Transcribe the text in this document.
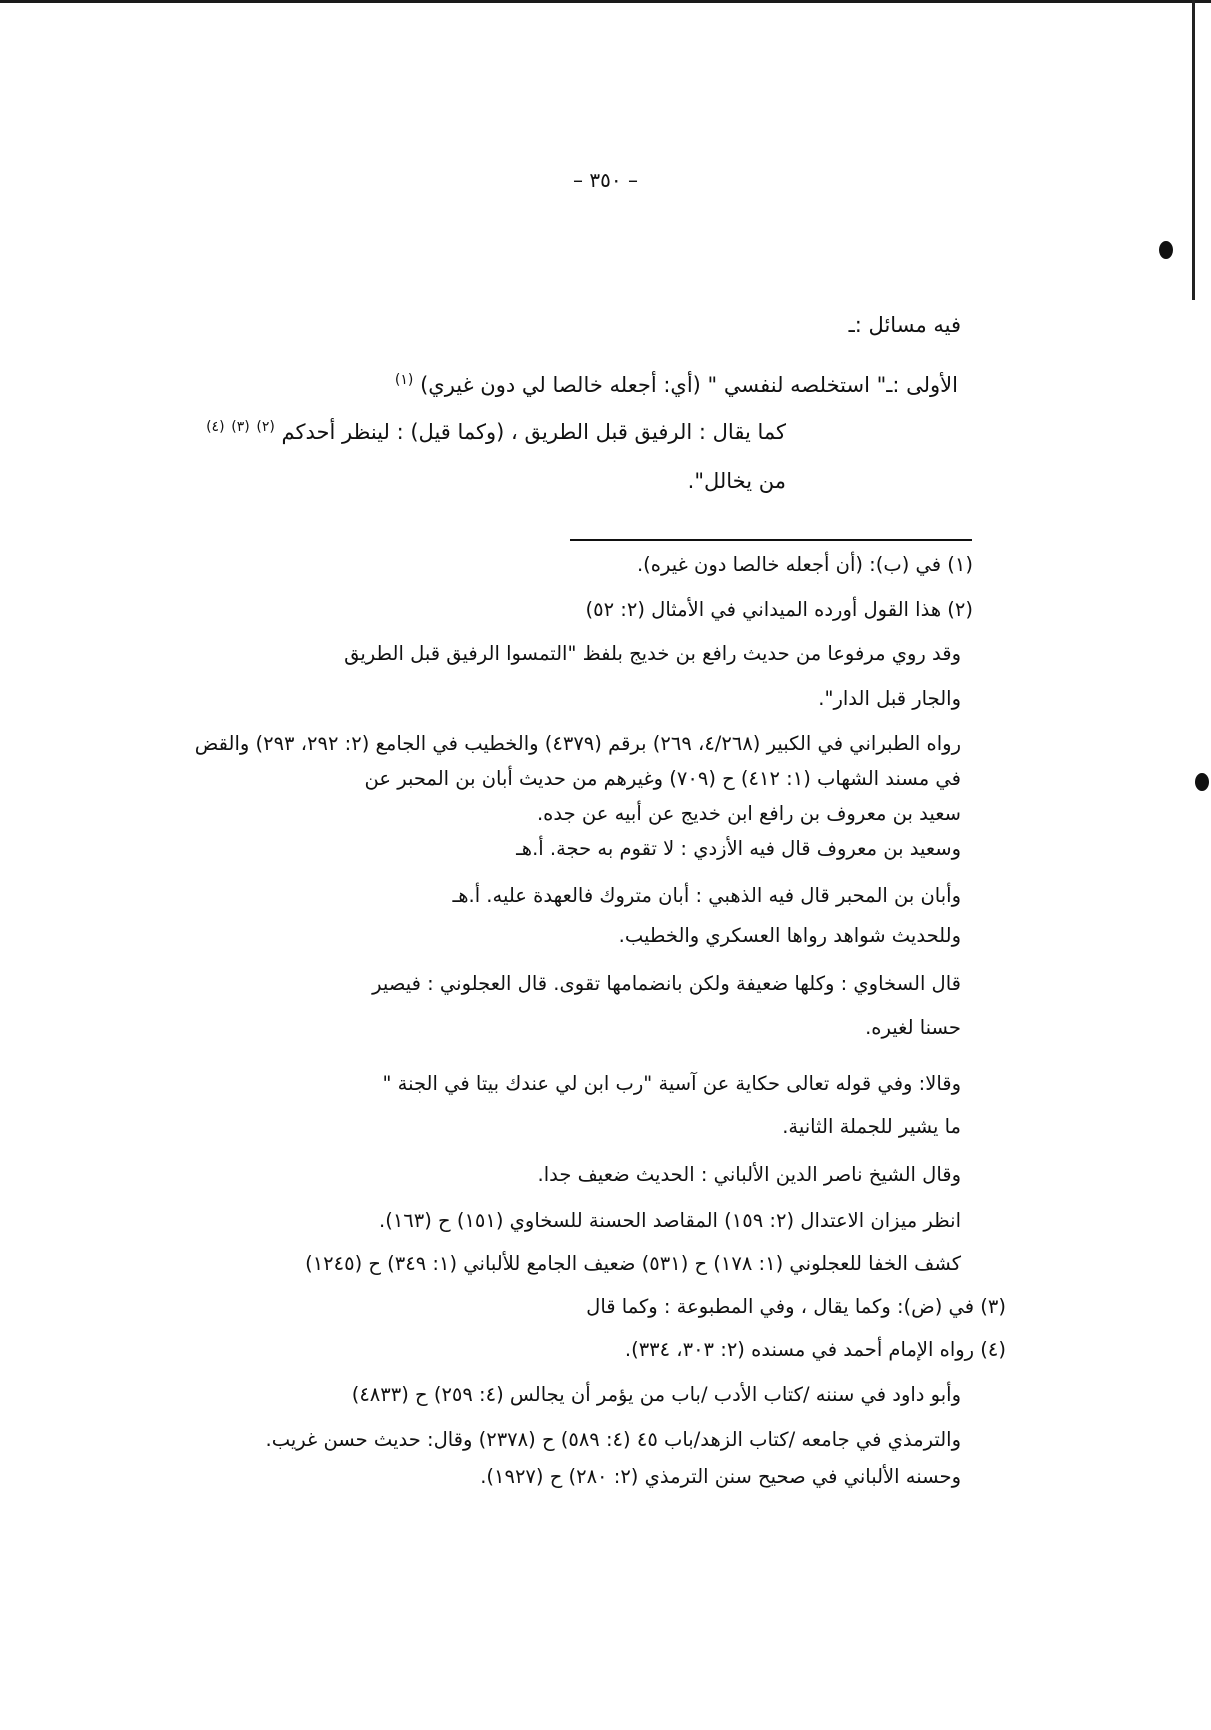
– ٣٥٠ –
فيه مسائل :ـ
الأولى :ـ" استخلصه لنفسي " (أي: أجعله خالصا لي دون غيري) $^{(١)}$
كما يقال : الرفيق قبل الطريق ، (وكما قيل) : لينظر أحدكم $^{(٢)}$ $^{(٣)}$ $^{(٤)}$
من يخالل".
(١) في (ب): (أن أجعله خالصا دون غيره).
(٢) هذا القول أورده الميداني في الأمثال (٢: ٥٢)
وقد روي مرفوعا من حديث رافع بن خديج بلفظ "التمسوا الرفيق قبل الطريق
والجار قبل الدار".
رواه الطبراني في الكبير (٤/٢٦٨، ٢٦٩) برقم (٤٣٧٩) والخطيب في الجامع (٢: ٢٩٢، ٢٩٣) والقض
في مسند الشهاب (١: ٤١٢) ح (٧٠٩) وغيرهم من حديث أبان بن المحبر عن
سعيد بن معروف بن رافع ابن خديج عن أبيه عن جده.
وسعيد بن معروف قال فيه الأزدي : لا تقوم به حجة. أ.هـ
وأبان بن المحبر قال فيه الذهبي : أبان متروك فالعهدة عليه. أ.هـ
وللحديث شواهد رواها العسكري والخطيب.
قال السخاوي : وكلها ضعيفة ولكن بانضمامها تقوى. قال العجلوني : فيصير
حسنا لغيره.
وقالا: وفي قوله تعالى حكاية عن آسية "رب ابن لي عندك بيتا في الجنة "
ما يشير للجملة الثانية.
وقال الشيخ ناصر الدين الألباني : الحديث ضعيف جدا.
انظر ميزان الاعتدال (٢: ١٥٩) المقاصد الحسنة للسخاوي (١٥١) ح (١٦٣).
كشف الخفا للعجلوني (١: ١٧٨) ح (٥٣١) ضعيف الجامع للألباني (١: ٣٤٩) ح (١٢٤٥)
(٣) في (ض): وكما يقال ، وفي المطبوعة : وكما قال
(٤) رواه الإمام أحمد في مسنده (٢: ٣٠٣، ٣٣٤).
وأبو داود في سننه /كتاب الأدب /باب من يؤمر أن يجالس (٤: ٢٥٩) ح (٤٨٣٣)
والترمذي في جامعه /كتاب الزهد/باب ٤٥ (٤: ٥٨٩) ح (٢٣٧٨) وقال: حديث حسن غريب.
وحسنه الألباني في صحيح سنن الترمذي (٢: ٢٨٠) ح (١٩٢٧).
